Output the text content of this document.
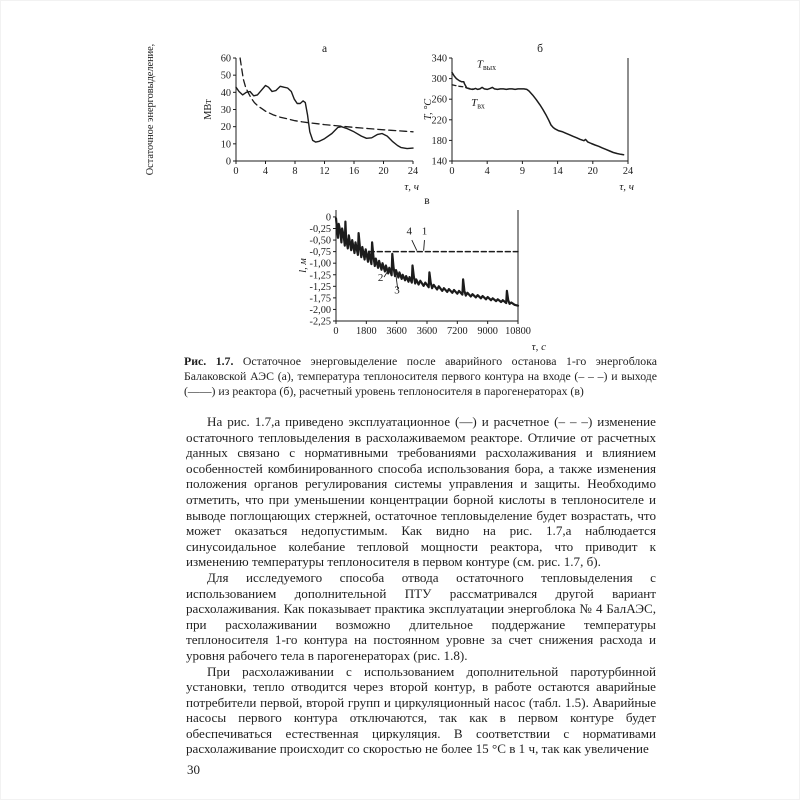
0 4 8 12 16 20 24
0
10
20
30
40
50
60
а
τ, ч
Остаточное энерговыделение,	МВт
0	4	9	14 20 24
140
180
220
260
300
340
б
τ, ч
Т, °С
$Т_{вых}$
$Т_{вх}$
0 1800 3600 3600 7200 9000 10800
0
-0,25
-0,50
-0,75
-1,00
-1,25
-1,25
-1,75
-2,00
-2,25
в
τ, с
l, м
4 1
2
3
Рис. 1.7. Остаточное энерговыделение после аварийного останова 1-го энергоблока Балаковской АЭС (а), температура теплоносителя первого контура на входе (– – –) и выходе (——) из реактора (б), расчетный уровень теплоносителя в парогенераторах (в)

На рис. 1.7,а приведено эксплуатационное (—) и расчетное (– – –) изменение остаточного тепловыделения в расхолаживаемом реакторе. Отличие от расчетных данных связано с нормативными требованиями расхолаживания и влиянием особенностей комбинированного способа использования бора, а также изменения положения органов регулирования системы управления и защиты. Необходимо отметить, что при уменьшении концентрации борной кислоты в теплоносителе и выводе поглощающих стержней, остаточное тепловыделение будет возрастать, что может оказаться недопустимым. Как видно на рис. 1.7,а наблюдается синусоидальное колебание тепловой мощности реактора, что приводит к изменению температуры теплоносителя в первом контуре (см. рис. 1.7, б).

Для исследуемого способа отвода остаточного тепловыделения с использованием дополнительной ПТУ рассматривался другой вариант расхолаживания. Как показывает практика эксплуатации энергоблока № 4 БалАЭС, при расхолаживании возможно длительное поддержание температуры теплоносителя 1-го контура на постоянном уровне за счет снижения расхода и уровня рабочего тела в парогенераторах (рис. 1.8).

При расхолаживании с использованием дополнительной паротурбинной установки, тепло отводится через второй контур, в работе остаются аварийные потребители первой, второй групп и циркуляционный насос (табл. 1.5). Аварийные насосы первого контура отключаются, так как в первом контуре будет обеспечиваться естественная циркуляция. В соответствии с нормативами расхолаживание происходит со скоростью не более 15 °С в 1 ч, так как увеличение

30
